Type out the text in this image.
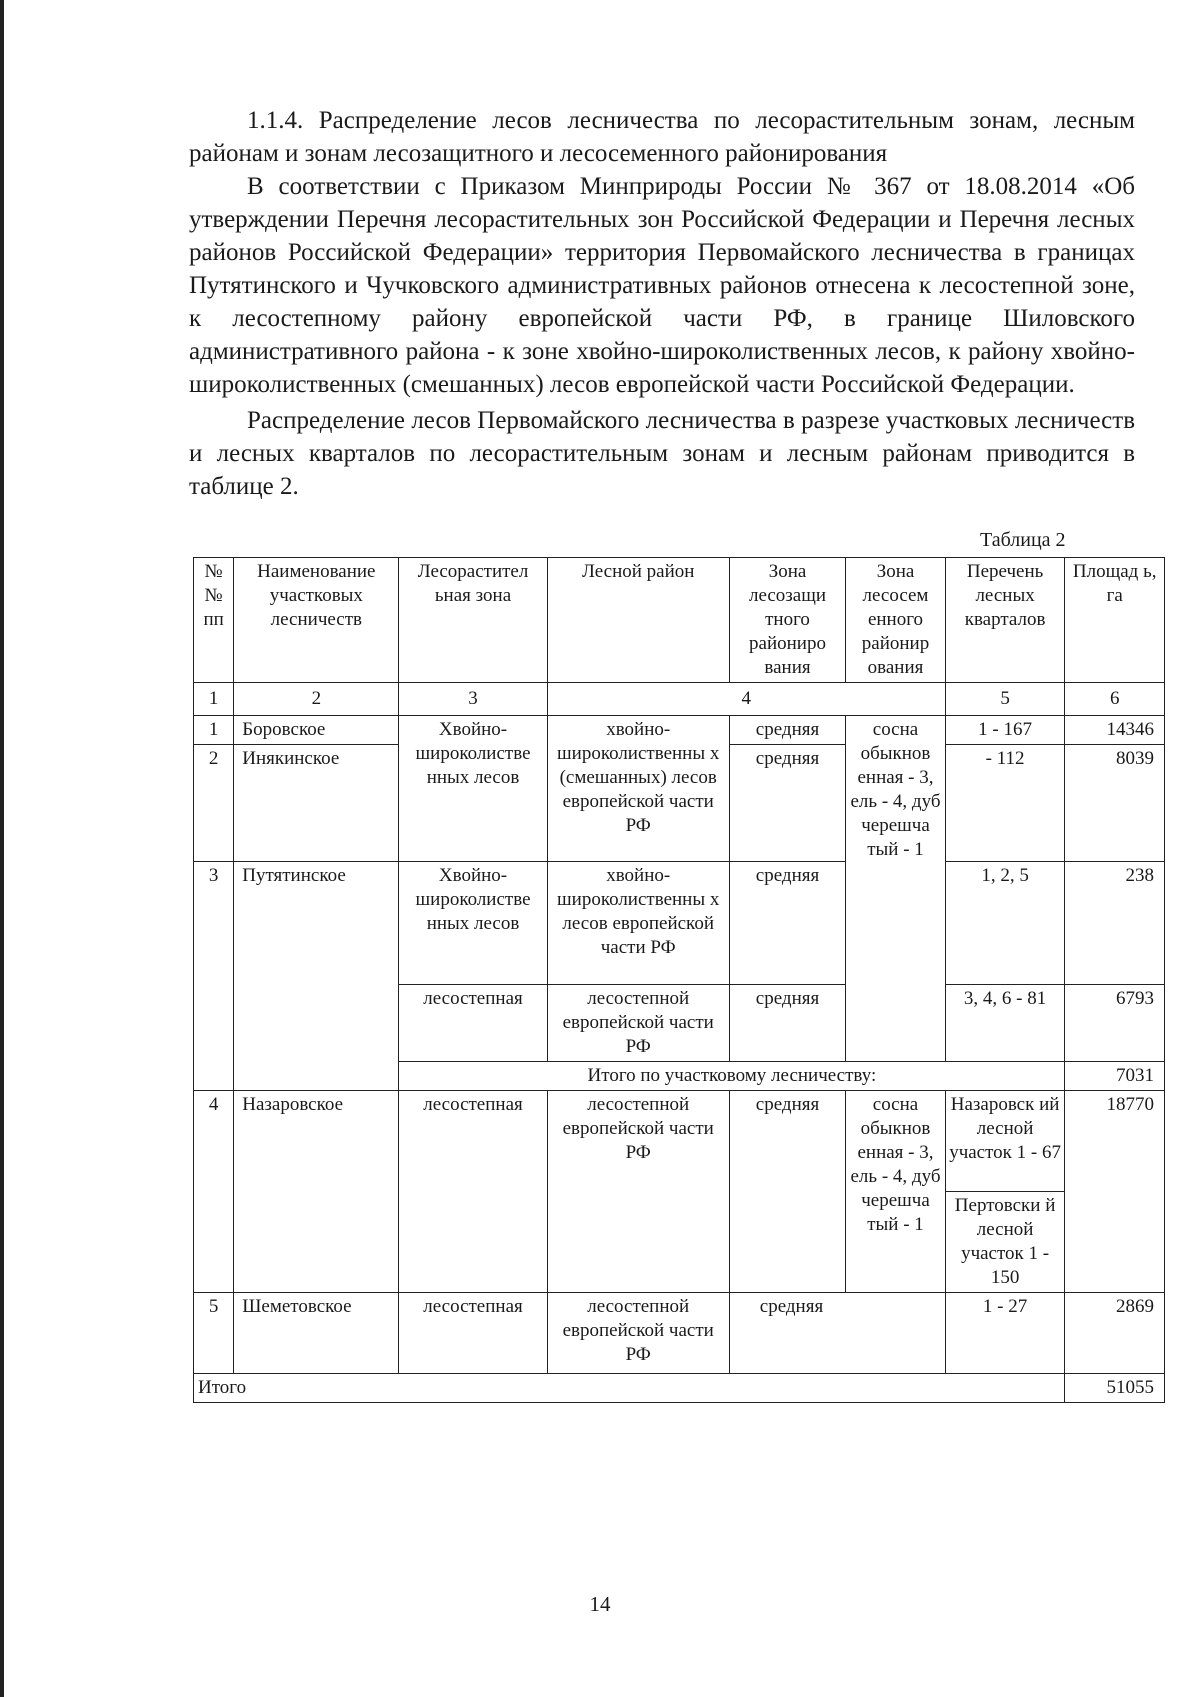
1.1.4. Распределение лесов лесничества по лесорастительным зонам, лесным районам и зонам лесозащитного и лесосеменного районирования

В соответствии с Приказом Минприроды России № 367 от 18.08.2014 «Об утверждении Перечня лесорастительных зон Российской Федерации и Перечня лесных районов Российской Федерации» территория Первомайского лесничества в границах Путятинского и Чучковского административных районов отнесена к лесостепной зоне, к лесостепному району европейской части РФ, в границе Шиловского административного района - к зоне хвойно-широколиственных лесов, к району хвойно-широколиственных (смешанных) лесов европейской части Российской Федерации.

Распределение лесов Первомайского лесничества в разрезе участковых лесничеств и лесных кварталов по лесорастительным зонам и лесным районам приводится в таблице 2.

Таблица 2

№ № пп	Наименование участковых лесничеств	Лесорастител ьная зона	Лесной район	Зона лесозащи тного райониро вания	Зона лесосем енного районир ования	Перечень лесных кварталов	Площад ь, га
1	2	3	4			5	6
1	Боровское	Хвойно-широколистве нных лесов	хвойно-широколиственны х (смешанных) лесов европейской части РФ	средняя	сосна обыкнов енная - 3, ель - 4, дуб черешча тый - 1	1 - 167	14346
2	Инякинское			средняя		- 112	8039
3	Путятинское	Хвойно-широколистве нных лесов	хвойно-широколиственны х лесов европейской части РФ	средняя		1, 2, 5	238
		лесостепная	лесостепной европейской части РФ	средняя		3, 4, 6 - 81	6793
		Итого по участковому лесничеству:					7031
4	Назаровское	лесостепная	лесостепной европейской части РФ	средняя	сосна обыкнов енная - 3, ель - 4, дуб черешча тый - 1	Назаровск ий лесной участок 1 - 67	18770
						Пертовски й лесной участок 1 - 150	
5	Шеметовское	лесостепная	лесостепной европейской части РФ	средняя		1 - 27	2869
Итого							51055
14
